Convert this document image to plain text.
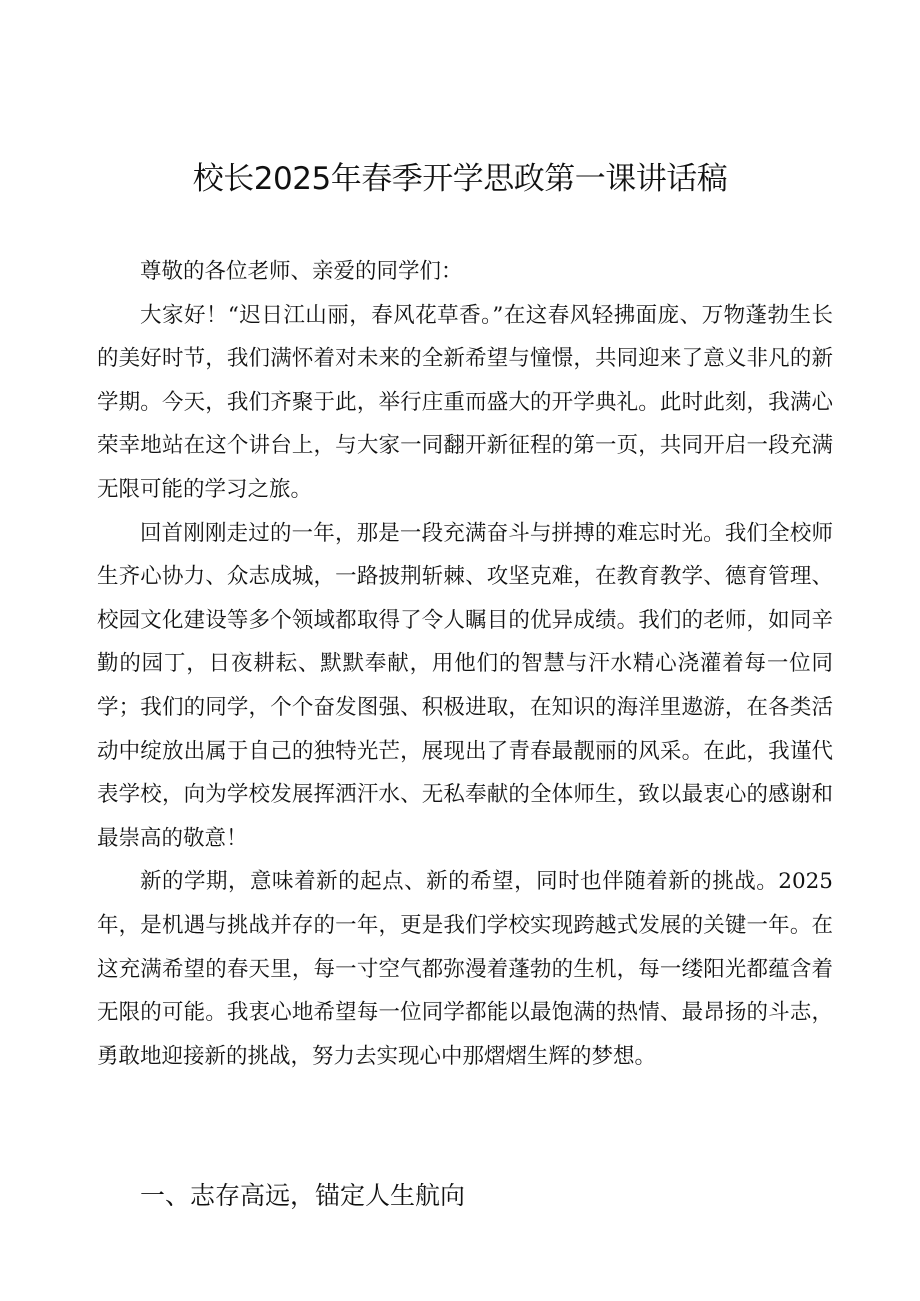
校长2025年春季开学思政第一课讲话稿

尊敬的各位老师、亲爱的同学们：

大家好！“迟日江山丽，春风花草香。”在这春风轻拂面庞、万物蓬勃生长的美好时节，我们满怀着对未来的全新希望与憧憬，共同迎来了意义非凡的新学期。今天，我们齐聚于此，举行庄重而盛大的开学典礼。此时此刻，我满心荣幸地站在这个讲台上，与大家一同翻开新征程的第一页，共同开启一段充满无限可能的学习之旅。

回首刚刚走过的一年，那是一段充满奋斗与拼搏的难忘时光。我们全校师生齐心协力、众志成城，一路披荆斩棘、攻坚克难，在教育教学、德育管理、校园文化建设等多个领域都取得了令人瞩目的优异成绩。我们的老师，如同辛勤的园丁，日夜耕耘、默默奉献，用他们的智慧与汗水精心浇灌着每一位同学；我们的同学，个个奋发图强、积极进取，在知识的海洋里遨游，在各类活动中绽放出属于自己的独特光芒，展现出了青春最靓丽的风采。在此，我谨代表学校，向为学校发展挥洒汗水、无私奉献的全体师生，致以最衷心的感谢和最崇高的敬意！

新的学期，意味着新的起点、新的希望，同时也伴随着新的挑战。2025年，是机遇与挑战并存的一年，更是我们学校实现跨越式发展的关键一年。在这充满希望的春天里，每一寸空气都弥漫着蓬勃的生机，每一缕阳光都蕴含着无限的可能。我衷心地希望每一位同学都能以最饱满的热情、最昂扬的斗志，勇敢地迎接新的挑战，努力去实现心中那熠熠生辉的梦想。

一、志存高远，锚定人生航向
